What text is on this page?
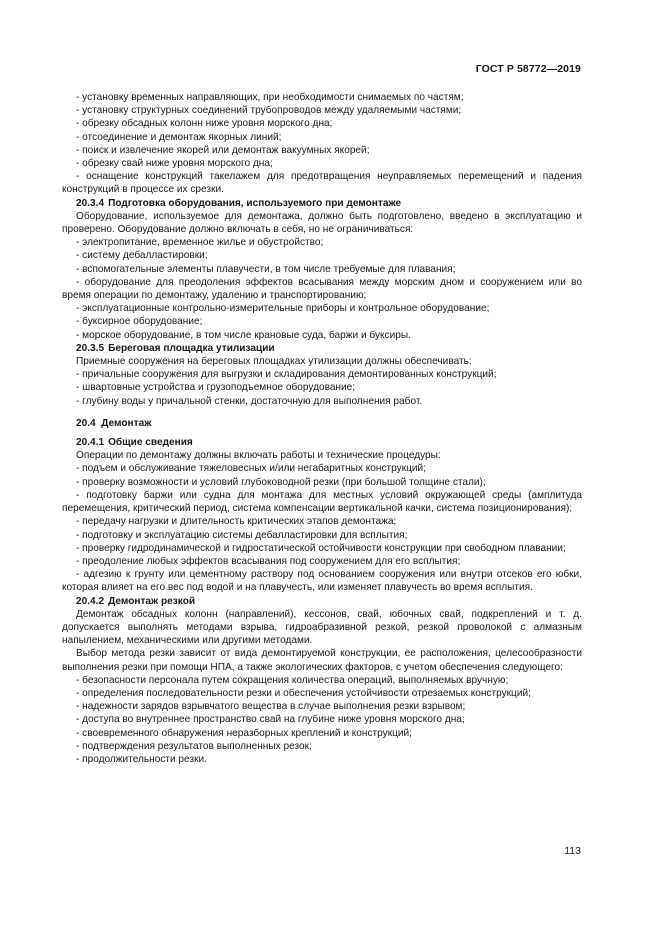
ГОСТ Р 58772—2019

- установку временных направляющих, при необходимости снимаемых по частям;

- установку структурных соединений трубопроводов между удаляемыми частями;

- обрезку обсадных колонн ниже уровня морского дна;

- отсоединение и демонтаж якорных линий;

- поиск и извлечение якорей или демонтаж вакуумных якорей;

- обрезку свай ниже уровня морского дна;

- оснащение конструкций такелажем для предотвращения неуправляемых перемещений и падения конструкций в процессе их срезки.

20.3.4 Подготовка оборудования, используемого при демонтаже

Оборудование, используемое для демонтажа, должно быть подготовлено, введено в эксплуатацию и проверено. Оборудование должно включать в себя, но не ограничиваться:

- электропитание, временное жилье и обустройство;

- систему дебалластировки;

- вспомогательные элементы плавучести, в том числе требуемые для плавания;

- оборудование для преодоления эффектов всасывания между морским дном и сооружением или во время операции по демонтажу, удалению и транспортированию;

- эксплуатационные контрольно-измерительные приборы и контрольное оборудование;

- буксирное оборудование;

- морское оборудование, в том числе крановые суда, баржи и буксиры.

20.3.5 Береговая площадка утилизации

Приемные сооружения на береговых площадках утилизации должны обеспечивать:

- причальные сооружения для выгрузки и складирования демонтированных конструкций;

- швартовные устройства и грузоподъемное оборудование;

- глубину воды у причальной стенки, достаточную для выполнения работ.

20.4 Демонтаж

20.4.1 Общие сведения

Операции по демонтажу должны включать работы и технические процедуры:

- подъем и обслуживание тяжеловесных и/или негабаритных конструкций;

- проверку возможности и условий глубоководной резки (при большой толщине стали);

- подготовку баржи или судна для монтажа для местных условий окружающей среды (амплитуда перемещения, критический период, система компенсации вертикальной качки, система позиционирования);

- передачу нагрузки и длительность критических этапов демонтажа;

- подготовку и эксплуатацию системы дебалластировки для всплытия;

- проверку гидродинамической и гидростатической остойчивости конструкции при свободном плавании;

- преодоление любых эффектов всасывания под сооружением для его всплытия;

- адгезию к грунту или цементному раствору под основанием сооружения или внутри отсеков его юбки, которая влияет на его вес под водой и на плавучесть, или изменяет плавучесть во время всплытия.

20.4.2 Демонтаж резкой

Демонтаж обсадных колонн (направлений), кессонов, свай, юбочных свай, подкреплений и т. д. допускается выполнять методами взрыва, гидроабразивной резкой, резкой проволокой с алмазным напылением, механическими или другими методами.

Выбор метода резки зависит от вида демонтируемой конструкции, ее расположения, целесообразности выполнения резки при помощи НПА, а также экологических факторов, с учетом обеспечения следующего:

- безопасности персонала путем сокращения количества операций, выполняемых вручную;

- определения последовательности резки и обеспечения устойчивости отрезаемых конструкций;

- надежности зарядов взрывчатого вещества в случае выполнения резки взрывом;

- доступа во внутреннее пространство свай на глубине ниже уровня морского дна;

- своевременного обнаружения неразборных креплений и конструкций;

- подтверждения результатов выполненных резок;

- продолжительности резки.

113
